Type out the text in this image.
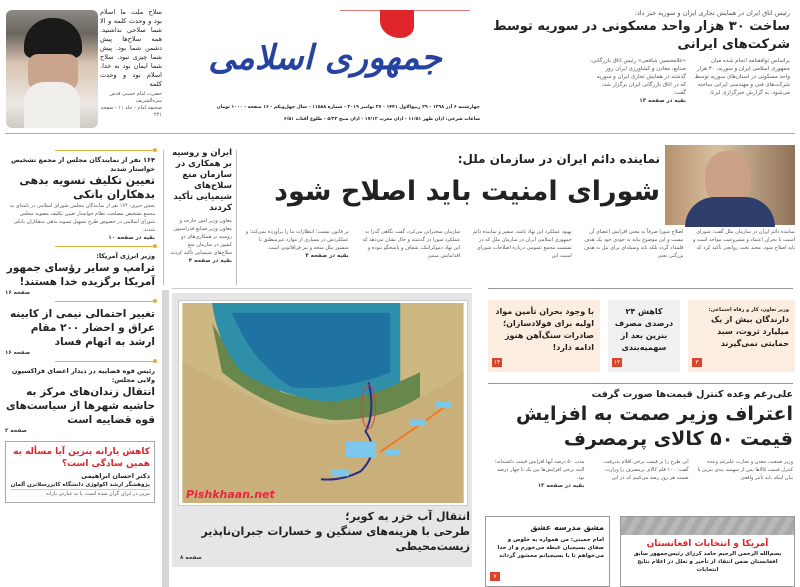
سلاح ملت ما اسلام بود و وحدت کلمه و الا شما سلاحی نداشتید. همه سلاح‌ها پیش دشمن شما بود. پیش شما چیزی نبود. سلاح شما ایمان بود به خدا. اسلام بود و وحدت کلمه
حضرت امام خمینی قدس سره‌الشریف
صحیفه امام - جلد ۱۱ - صفحه ۴۴۱
جمهوری اسلامی
چهارشنبه ۶ آذر ۱۳۹۸ - ۲۹ ربیع‌الاول ۱۴۴۱ - ۲۷ نوامبر ۲۰۱۹ - شماره ۱۱۵۸۸ - سال چهل‌ویکم - ۱۶ صفحه - ۱۰۰۰ تومان
ساعات شرعی: اذان ظهر ۱۱/۵۱ - اذان مغرب ۱۷/۱۲ - اذان صبح ۵/۲۳ - طلوع آفتاب ۶/۵۱
رئیس اتاق ایران در همایش تجاری ایران و سوریه خبر داد:
ساخت ۳۰ هزار واحد مسکونی در سوریه توسط شرکت‌های ایرانی
براساس توافقنامه انجام شده میان جمهوری اسلامی ایران و سوریه، ۳۰ هزار واحد مسکونی در استان‌های سوریه توسط شرکت‌های فنی و مهندسی ایرانی ساخته می‌شود. به گزارش خبرگزاری ایرنا،
«غلامحسین شافعی» رئیس اتاق بازرگانی، صنایع، معادن و کشاورزی ایران روز گذشته در همایش تجاری ایران و سوریه که در اتاق بازرگانی ایران برگزار شد، گفت:
بقیه در صفحه ۱۳
۱۶۴ نفر از نمایندگان مجلس از مجمع تشخیص خواستار شدند
تعیین تکلیف تسویه بدهی بدهکاران بانکی
بخش خبری: ۱۶۴ نفر از نمایندگان مجلس شورای اسلامی در نامه‌ای به مجمع تشخیص مصلحت نظام خواستار تعیین تکلیف مصوبه مجلس شورای اسلامی در خصوص طرح تسهیل تسویه بدهی بدهکاران بانکی شدند.
بقیه در صفحه ۱۰
وزیر انرژی آمریکا:
ترامپ و سایر رؤسای جمهور آمریکا برگزیده خدا هستند!
صفحه ۱۶
تغییر احتمالی نیمی از کابینه عراق و احضار ۲۰۰ مقام ارشد به اتهام فساد
صفحه ۱۶
رئیس قوه قضاییه در دیدار اعضای فراکسیون ولایی مجلس:
انتقال زندان‌های مرکز به حاشیه شهرها از سیاست‌های قوه قضاییه است
صفحه ۲
کاهش یارانه بنزین آیا مسأله به همین سادگی است؟
دکتر احسان ابراهیمی
پژوهشگر ارشد اکولوژی دانشگاه کایزرسلاترن آلمان
بنزین در ایران گران شده است، یا به عبارتی یارانه
ایران و روسیه بر همکاری در سازمان منع سلاح‌های شیمیایی تأکید کردند
معاون وزیر امور خارجه و معاون وزیر صنایع فدراسیون روسیه بر همکاری‌های دو کشور در سازمان منع سلاح‌های شیمیایی تأکید کردند.
بقیه در صفحه ۴
نماینده دائم ایران در سازمان ملل:
شورای امنیت باید اصلاح شود
نماینده دائم ایران در سازمان ملل گفت: شورای امنیت با بحران اعتماد و مشروعیت مواجه است و باید اصلاح شود. مجید تخت روانچی تأکید کرد که
اصلاح شورا صرفاً به معنی افزایش اعضای آن نیست و این موضوع نباید به خودی خود یک هدف قلمداد گردد بلکه باید وسیله‌ای برای نیل به هدف بزرگتر، یعنی
بهبود عملکرد این نهاد باشد. سفیر و نماینده دائم جمهوری اسلامی ایران در سازمان ملل که در نشست مجمع عمومی درباره اصلاحات شورای امنیت این
سازمان سخنرانی می‌کرد، گفت نگاهی گذرا به عملکرد شورا در گذشته و حال نشان می‌دهد که این نهاد دموکراتیک، شفاف و پاسخگو نبوده و اقداماتش مبتنی
بر قانون نیست؛ انتظارات ما را برآورده نمی‌کند؛ و عملکردش در بسیاری از موارد غیرمنطبق با منشور ملل متحد و نیز فراقانونی است.
بقیه در صفحه ۴
Pishkhaan.net
انتقال آب خزر به کویر؛
طرحی با هزینه‌های سنگین و خسارات جبران‌ناپذیر زیست‌محیطی
صفحه ۸
وزیر تعاون، کار و رفاه اجتماعی:
دارندگان بیش از یک میلیارد ثروت، سبد حمایتی نمی‌گیرند
۳
کاهش ۲۴ درصدی مصرف بنزین بعد از سهمیه‌بندی
۱۲
با وجود بحران تأمین مواد اولیه برای فولادسازان؛ صادرات سنگ‌آهن هنوز ادامه دارد!
۱۴
علی‌رغم وعده کنترل قیمت‌ها صورت گرفت
اعتراف وزیر صمت به افزایش قیمت ۵۰ کالای پرمصرف
وزیر صنعت، معدن و تجارت علیرغم وعده کنترل قیمت کالاها پس از سهمیه بندی بنزین با بیان اینکه باید تأثیر واقعی
این طرح را بر قیمت برخی اقلام پذیرفت، گفت: ۱۰۰ قلم کالای پرمصرف را وزارت صمت هر روز رصد می‌کنیم که در این
مدت ۵۰ درصد آنها افزایش قیمت داشته‌اند؛ البته برخی افزایش‌ها بین یک تا چهار درصد بود.
بقیه در صفحه ۱۳
مشق مدرسه عشق
امام خمینی: من همواره به خلوص و صفای بسیجیان غبطه می‌خورم و از خدا می‌خواهم تا با بسیجیانم محشور گرداند
۷
آمریکا و انتخابات افغانستان
بسم‌الله الرحمن الرحیم حامد کرزای رئیس‌جمهور سابق افغانستان ضمن انتقاد از تأخیر و تعلل در اعلام نتایج انتخابات
